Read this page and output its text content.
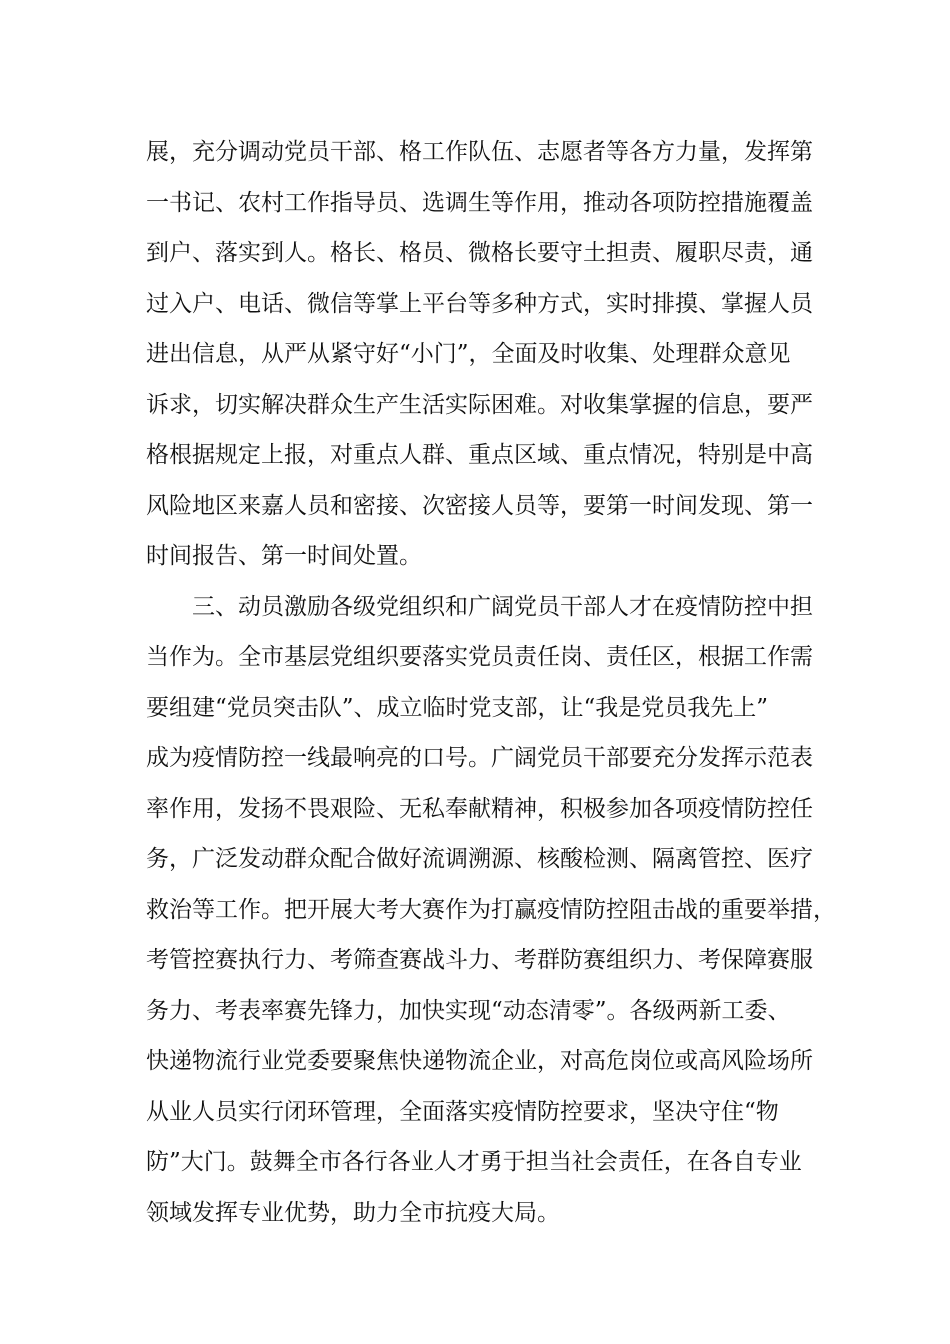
展，充分调动党员干部、格工作队伍、志愿者等各方力量，发挥第
一书记、农村工作指导员、选调生等作用，推动各项防控措施覆盖
到户、落实到人。格长、格员、微格长要守土担责、履职尽责，通
过入户、电话、微信等掌上平台等多种方式，实时排摸、掌握人员
进出信息，从严从紧守好“小门”，全面及时收集、处理群众意见
诉求，切实解决群众生产生活实际困难。对收集掌握的信息，要严
格根据规定上报，对重点人群、重点区域、重点情况，特别是中高
风险地区来嘉人员和密接、次密接人员等，要第一时间发现、第一
时间报告、第一时间处置。
三、动员激励各级党组织和广阔党员干部人才在疫情防控中担
当作为。全市基层党组织要落实党员责任岗、责任区，根据工作需
要组建“党员突击队”、成立临时党支部，让“我是党员我先上”
成为疫情防控一线最响亮的口号。广阔党员干部要充分发挥示范表
率作用，发扬不畏艰险、无私奉献精神，积极参加各项疫情防控任
务，广泛发动群众配合做好流调溯源、核酸检测、隔离管控、医疗
救治等工作。把开展大考大赛作为打赢疫情防控阻击战的重要举措，
考管控赛执行力、考筛查赛战斗力、考群防赛组织力、考保障赛服
务力、考表率赛先锋力，加快实现“动态清零”。各级两新工委、
快递物流行业党委要聚焦快递物流企业，对高危岗位或高风险场所
从业人员实行闭环管理，全面落实疫情防控要求，坚决守住“物
防”大门。鼓舞全市各行各业人才勇于担当社会责任，在各自专业
领域发挥专业优势，助力全市抗疫大局。
